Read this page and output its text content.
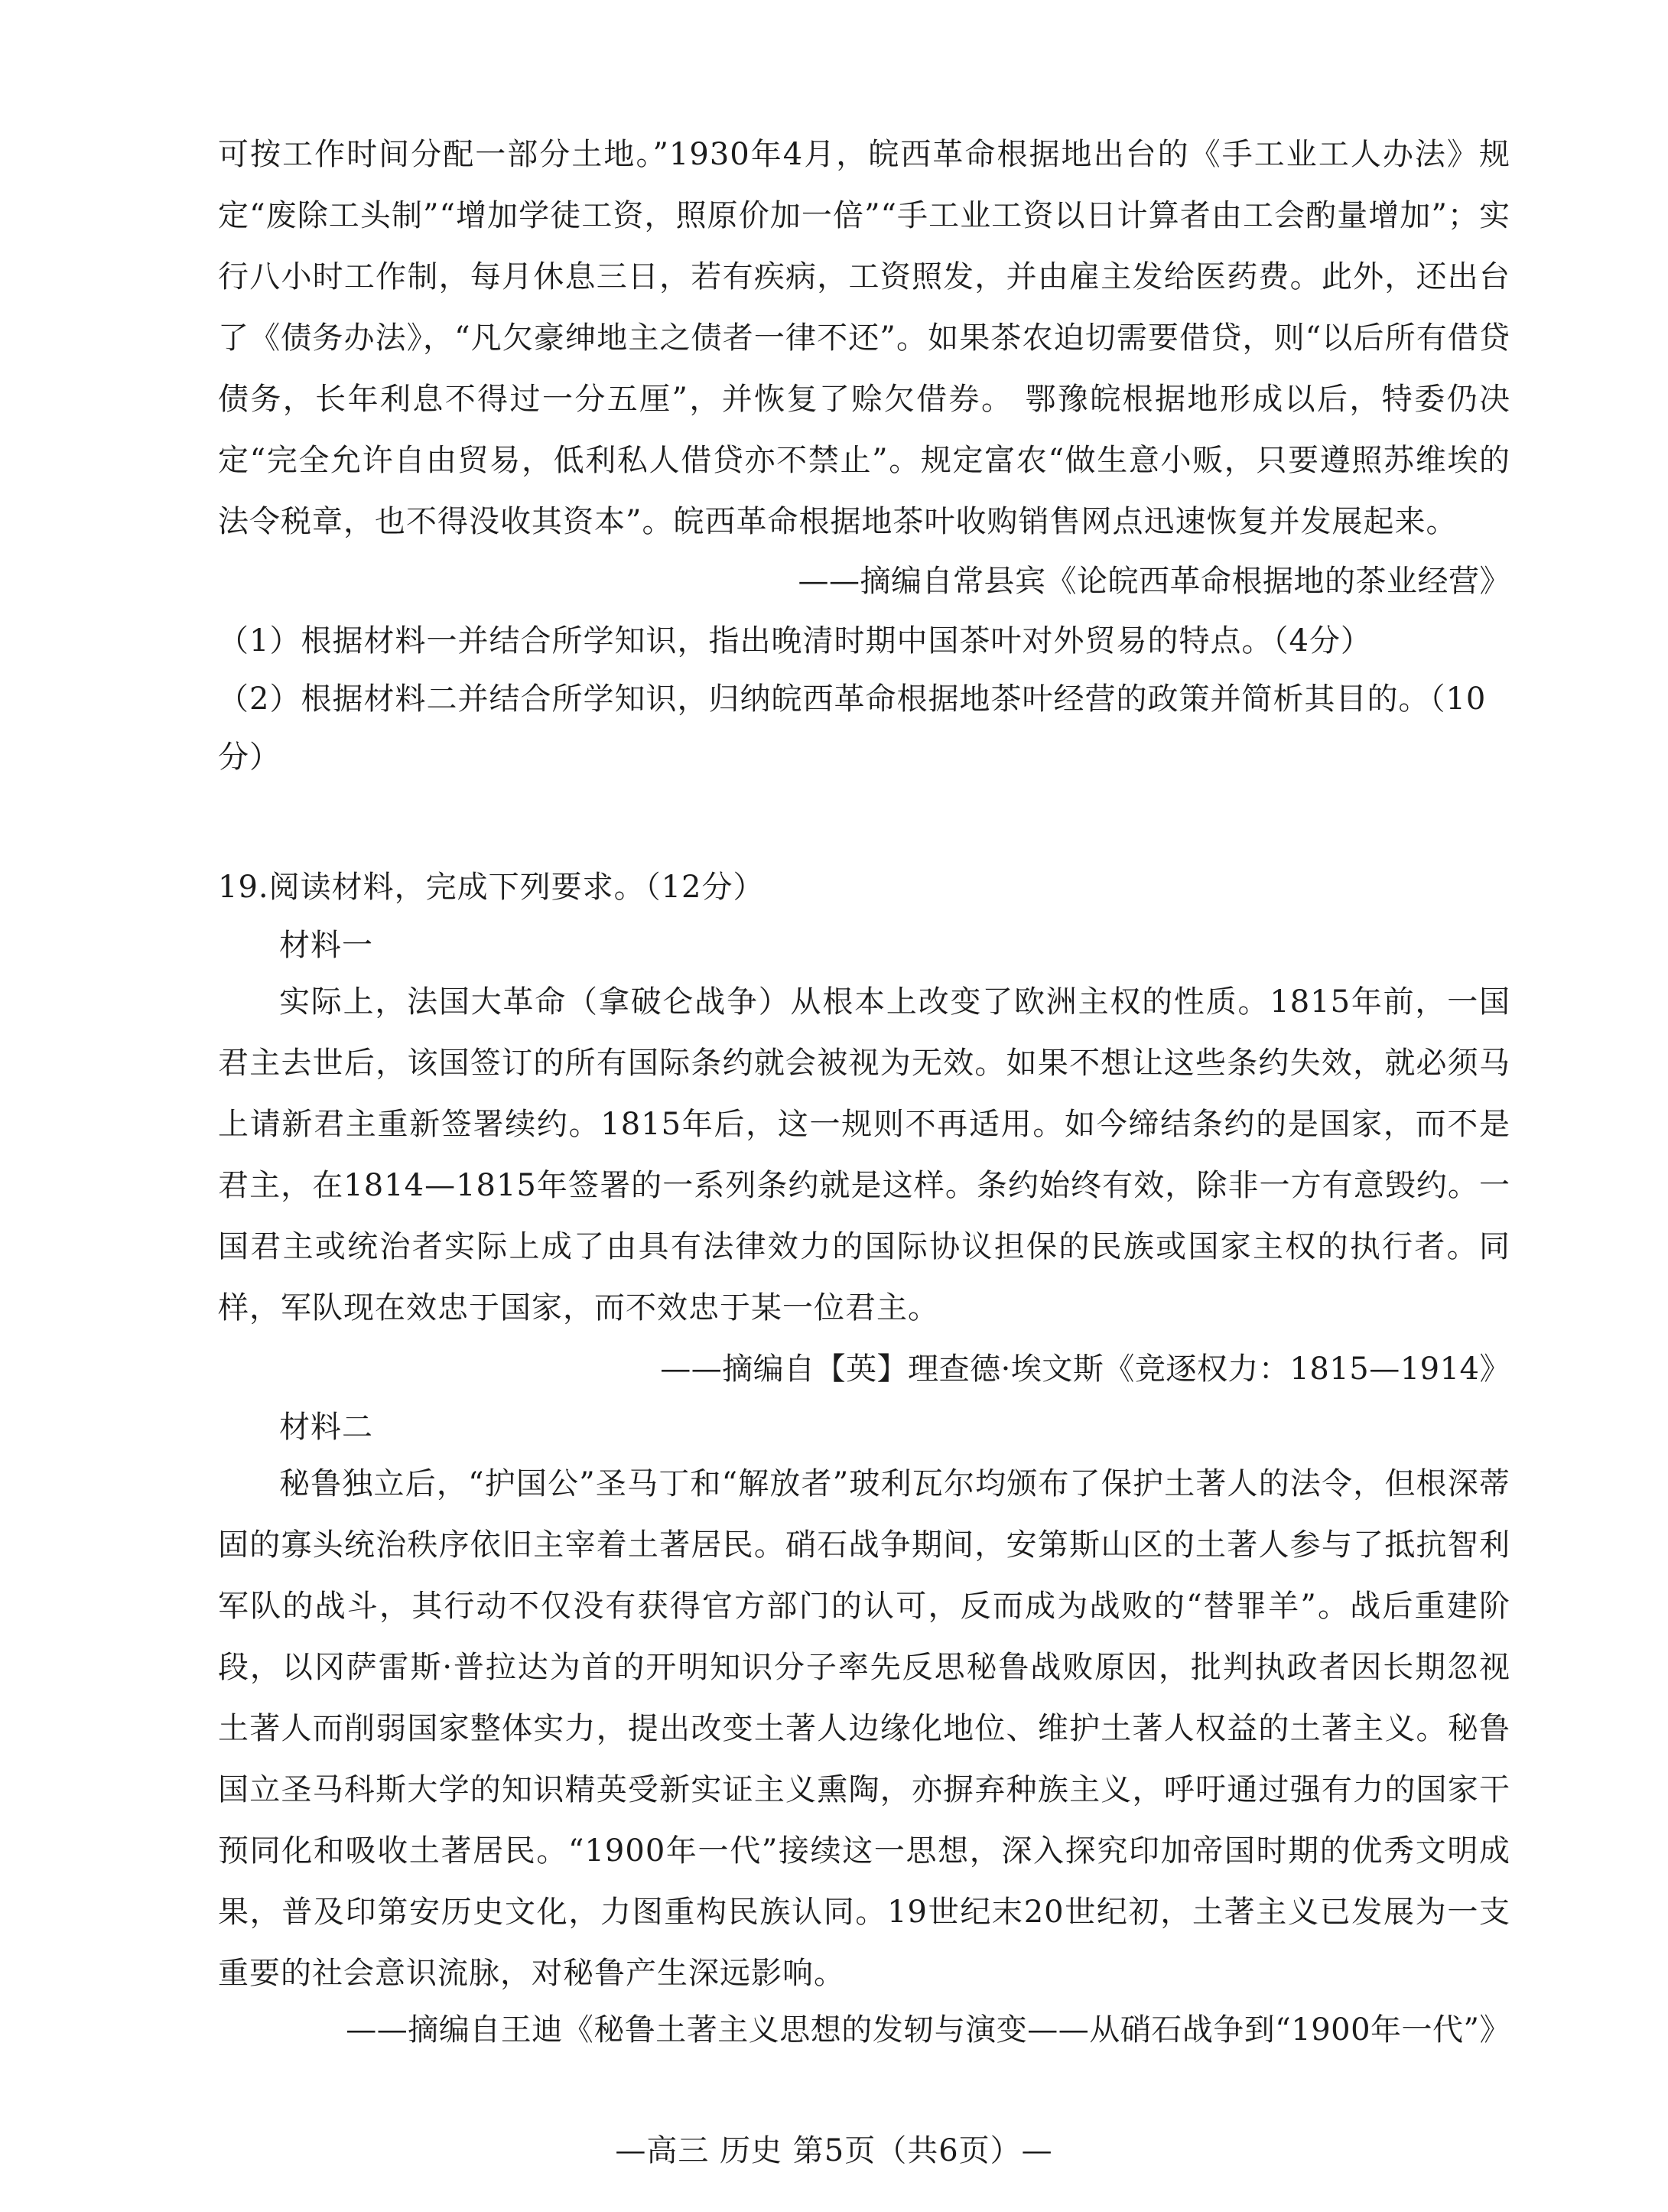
可按工作时间分配一部分土地。”1930年4月，皖西革命根据地出台的《手工业工人办法》规定“废除工头制”“增加学徒工资，照原价加一倍”“手工业工资以日计算者由工会酌量增加”；实行八小时工作制，每月休息三日，若有疾病，工资照发，并由雇主发给医药费。此外，还出台了《债务办法》，“凡欠豪绅地主之债者一律不还”。如果茶农迫切需要借贷，则“以后所有借贷债务，长年利息不得过一分五厘”，并恢复了赊欠借券。 鄂豫皖根据地形成以后，特委仍决定“完全允许自由贸易，低利私人借贷亦不禁止”。规定富农“做生意小贩，只要遵照苏维埃的法令税章，也不得没收其资本”。皖西革命根据地茶叶收购销售网点迅速恢复并发展起来。

——摘编自常县宾《论皖西革命根据地的茶业经营》

（1）根据材料一并结合所学知识，指出晚清时期中国茶叶对外贸易的特点。（4分）

（2）根据材料二并结合所学知识，归纳皖西革命根据地茶叶经营的政策并简析其目的。（10分）

19.阅读材料，完成下列要求。（12分）

材料一

实际上，法国大革命（拿破仑战争）从根本上改变了欧洲主权的性质。1815年前，一国君主去世后，该国签订的所有国际条约就会被视为无效。如果不想让这些条约失效，就必须马上请新君主重新签署续约。1815年后，这一规则不再适用。如今缔结条约的是国家，而不是君主，在1814—1815年签署的一系列条约就是这样。条约始终有效，除非一方有意毁约。一国君主或统治者实际上成了由具有法律效力的国际协议担保的民族或国家主权的执行者。同样，军队现在效忠于国家，而不效忠于某一位君主。

——摘编自【英】理查德·埃文斯《竞逐权力：1815—1914》

材料二

秘鲁独立后，“护国公”圣马丁和“解放者”玻利瓦尔均颁布了保护土著人的法令，但根深蒂固的寡头统治秩序依旧主宰着土著居民。硝石战争期间，安第斯山区的土著人参与了抵抗智利军队的战斗，其行动不仅没有获得官方部门的认可，反而成为战败的“替罪羊”。战后重建阶段，以冈萨雷斯·普拉达为首的开明知识分子率先反思秘鲁战败原因，批判执政者因长期忽视土著人而削弱国家整体实力，提出改变土著人边缘化地位、维护土著人权益的土著主义。秘鲁国立圣马科斯大学的知识精英受新实证主义熏陶，亦摒弃种族主义，呼吁通过强有力的国家干预同化和吸收土著居民。“1900年一代”接续这一思想，深入探究印加帝国时期的优秀文明成果，普及印第安历史文化，力图重构民族认同。19世纪末20世纪初，土著主义已发展为一支重要的社会意识流脉，对秘鲁产生深远影响。

——摘编自王迪《秘鲁土著主义思想的发轫与演变——从硝石战争到“1900年一代”》

—高三 历史 第5页（共6页）—
